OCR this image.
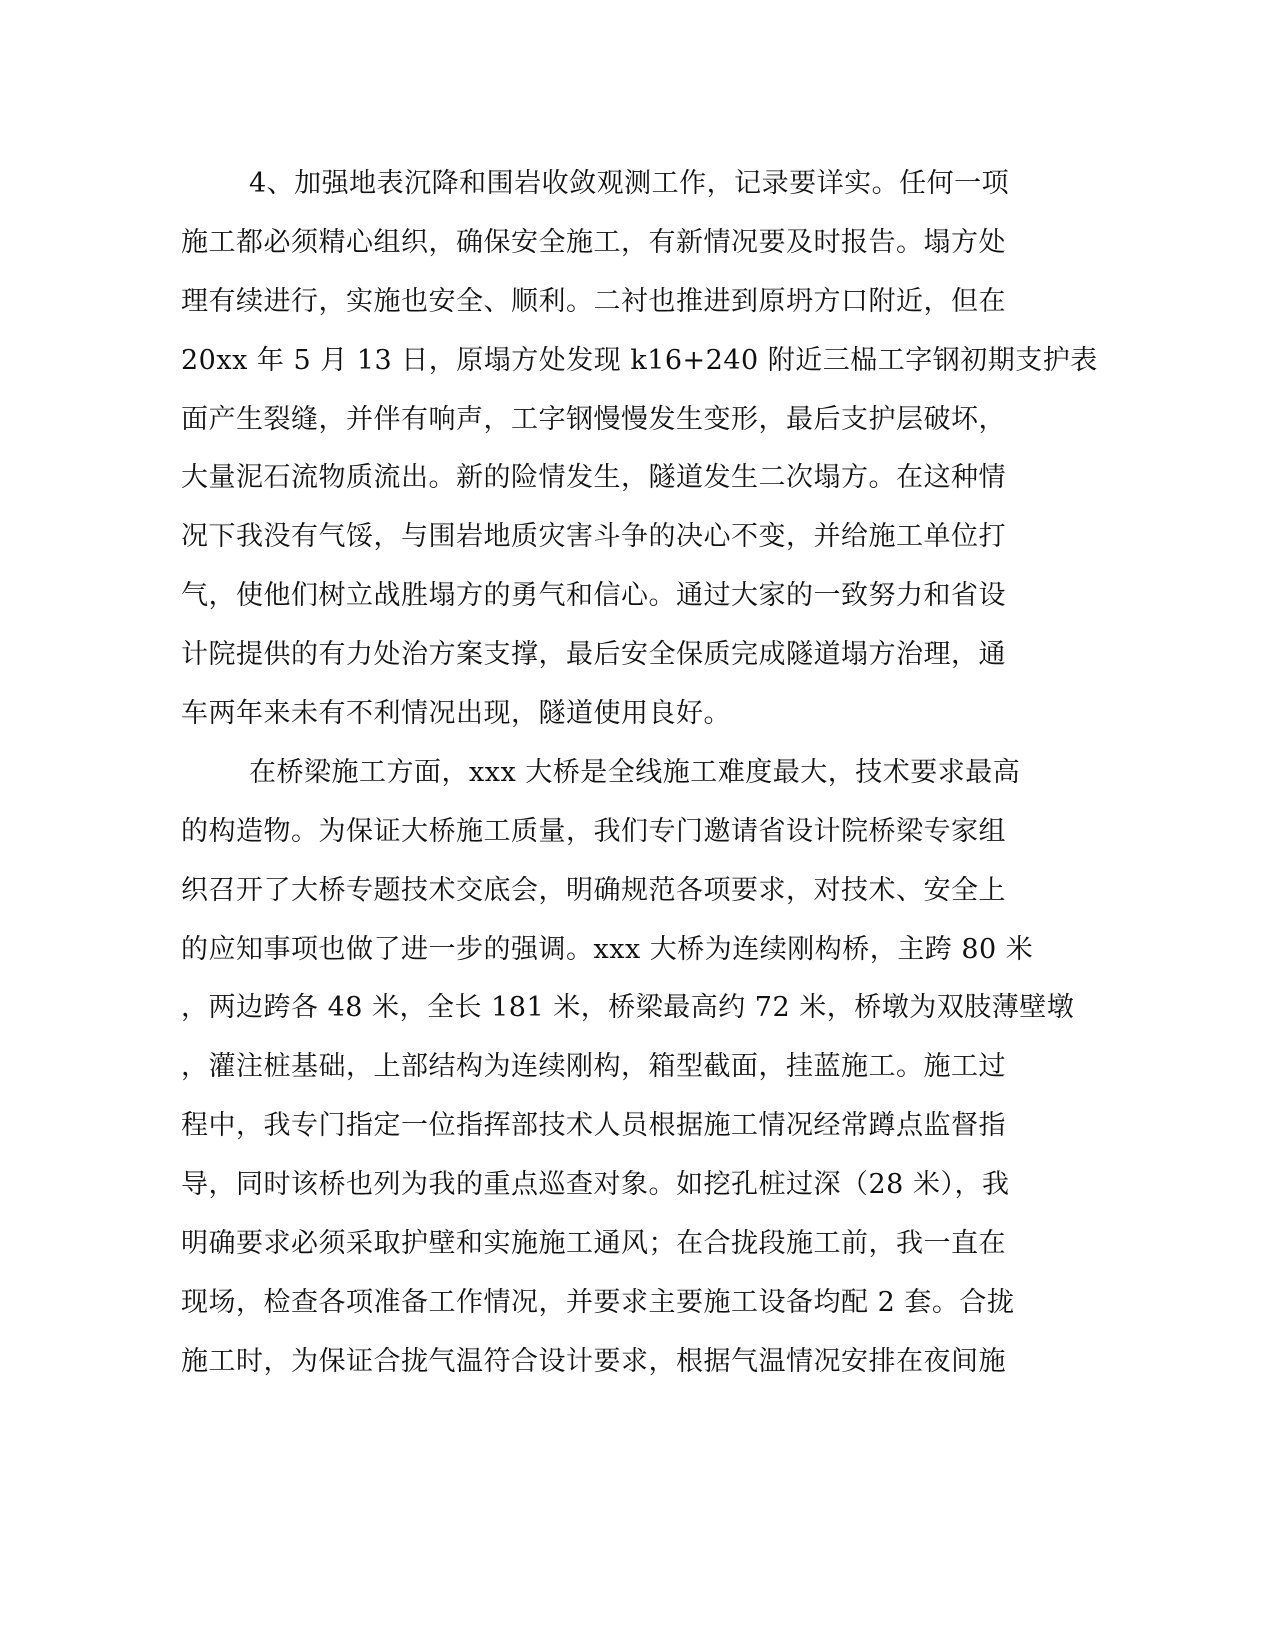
4、加强地表沉降和围岩收敛观测工作，记录要详实。任何一项
施工都必须精心组织，确保安全施工，有新情况要及时报告。塌方处
理有续进行，实施也安全、顺利。二衬也推进到原坍方口附近，但在
20xx 年 5 月 13 日，原塌方处发现 k16+240 附近三榀工字钢初期支护表
面产生裂缝，并伴有响声，工字钢慢慢发生变形，最后支护层破坏，
大量泥石流物质流出。新的险情发生，隧道发生二次塌方。在这种情
况下我没有气馁，与围岩地质灾害斗争的决心不变，并给施工单位打
气，使他们树立战胜塌方的勇气和信心。通过大家的一致努力和省设
计院提供的有力处治方案支撑，最后安全保质完成隧道塌方治理，通
车两年来未有不利情况出现，隧道使用良好。
在桥梁施工方面，xxx 大桥是全线施工难度最大，技术要求最高
的构造物。为保证大桥施工质量，我们专门邀请省设计院桥梁专家组
织召开了大桥专题技术交底会，明确规范各项要求，对技术、安全上
的应知事项也做了进一步的强调。xxx 大桥为连续刚构桥，主跨 80 米
，两边跨各 48 米，全长 181 米，桥梁最高约 72 米，桥墩为双肢薄壁墩
，灌注桩基础，上部结构为连续刚构，箱型截面，挂蓝施工。施工过
程中，我专门指定一位指挥部技术人员根据施工情况经常蹲点监督指
导，同时该桥也列为我的重点巡查对象。如挖孔桩过深（28 米），我
明确要求必须采取护壁和实施施工通风；在合拢段施工前，我一直在
现场，检查各项准备工作情况，并要求主要施工设备均配 2 套。合拢
施工时，为保证合拢气温符合设计要求，根据气温情况安排在夜间施
